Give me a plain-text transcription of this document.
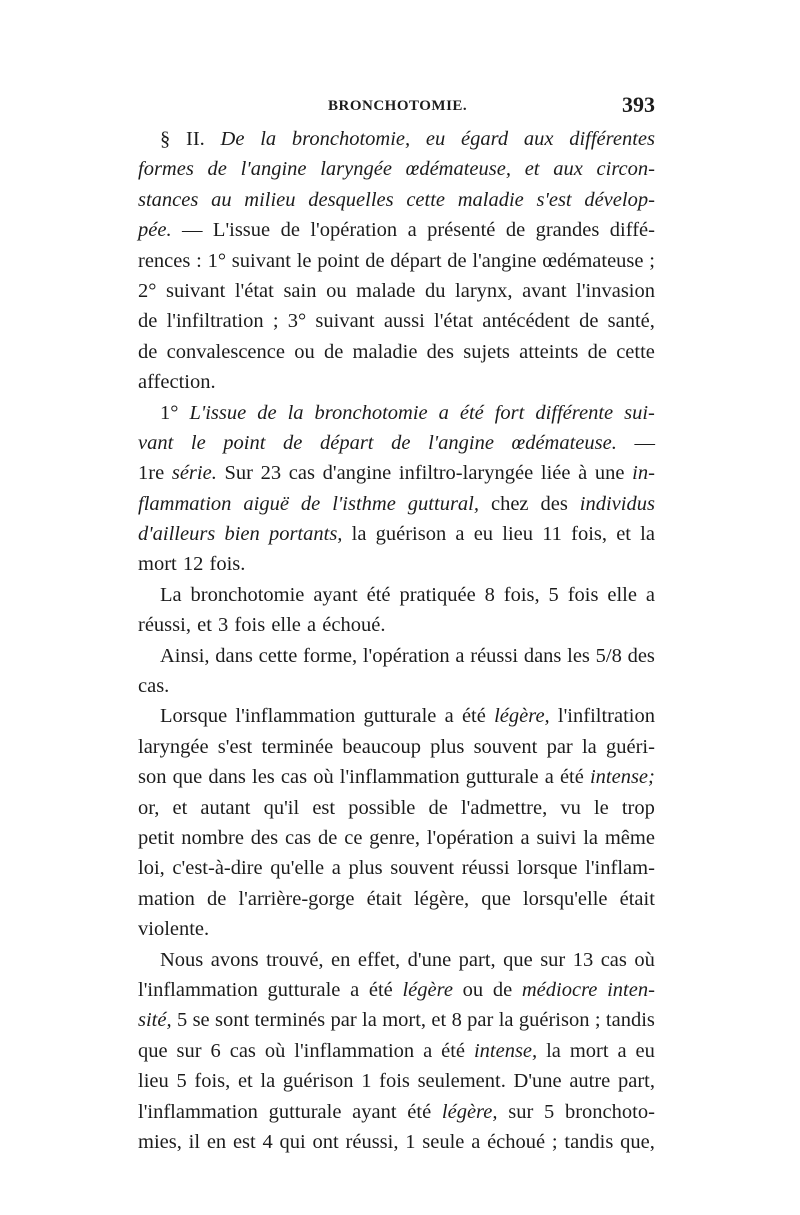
BRONCHOTOMIE.	393
§ II. De la bronchotomie, eu égard aux différentes
formes de l'angine laryngée œdémateuse, et aux circon-
stances au milieu desquelles cette maladie s'est dévelop-
pée. — L'issue de l'opération a présenté de grandes diffé-
rences : 1° suivant le point de départ de l'angine œdémateuse ;
2° suivant l'état sain ou malade du larynx, avant l'invasion
de l'infiltration ; 3° suivant aussi l'état antécédent de santé,
de convalescence ou de maladie des sujets atteints de cette
affection.
1° L'issue de la bronchotomie a été fort différente sui-
vant le point de départ de l'angine œdémateuse. —
1re série. Sur 23 cas d'angine infiltro-laryngée liée à une in-
flammation aiguë de l'isthme guttural, chez des individus
d'ailleurs bien portants, la guérison a eu lieu 11 fois, et la
mort 12 fois.
La bronchotomie ayant été pratiquée 8 fois, 5 fois elle a
réussi, et 3 fois elle a échoué.
Ainsi, dans cette forme, l'opération a réussi dans les 5/8 des
cas.
Lorsque l'inflammation gutturale a été légère, l'infiltration
laryngée s'est terminée beaucoup plus souvent par la guéri-
son que dans les cas où l'inflammation gutturale a été intense;
or, et autant qu'il est possible de l'admettre, vu le trop
petit nombre des cas de ce genre, l'opération a suivi la même
loi, c'est-à-dire qu'elle a plus souvent réussi lorsque l'inflam-
mation de l'arrière-gorge était légère, que lorsqu'elle était
violente.
Nous avons trouvé, en effet, d'une part, que sur 13 cas où
l'inflammation gutturale a été légère ou de médiocre inten-
sité, 5 se sont terminés par la mort, et 8 par la guérison ; tandis
que sur 6 cas où l'inflammation a été intense, la mort a eu
lieu 5 fois, et la guérison 1 fois seulement. D'une autre part,
l'inflammation gutturale ayant été légère, sur 5 bronchoto-
mies, il en est 4 qui ont réussi, 1 seule a échoué ; tandis que,
